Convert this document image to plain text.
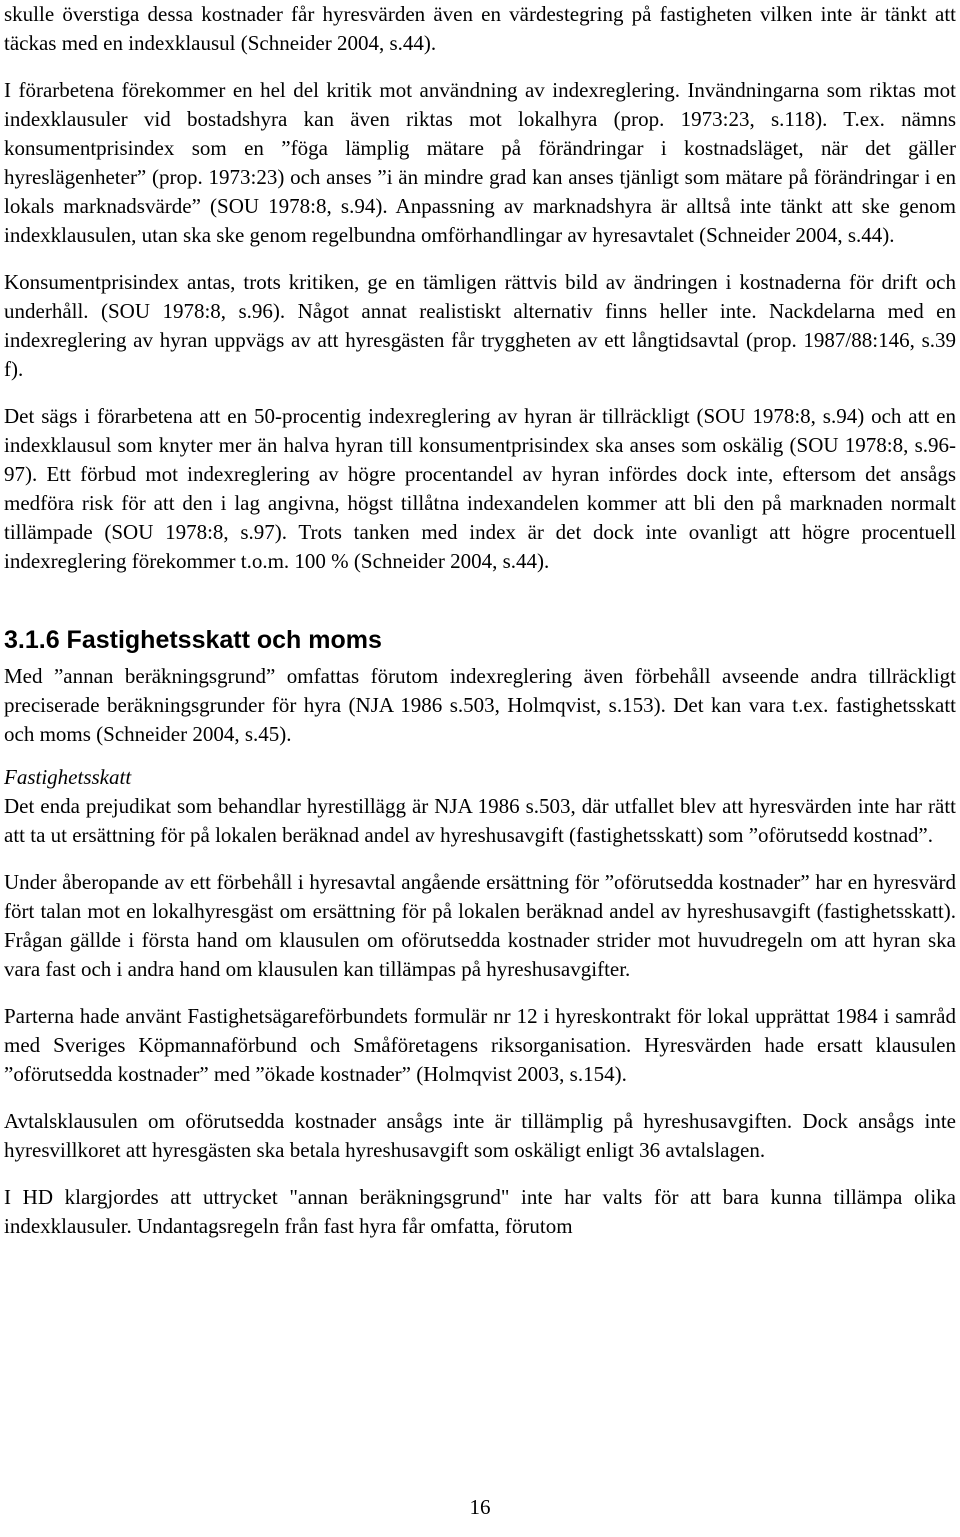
skulle överstiga dessa kostnader får hyresvärden även en värdestegring på fastigheten vilken inte är tänkt att täckas med en indexklausul (Schneider 2004, s.44).

I förarbetena förekommer en hel del kritik mot användning av indexreglering. Invändningarna som riktas mot indexklausuler vid bostadshyra kan även riktas mot lokalhyra (prop. 1973:23, s.118). T.ex. nämns konsumentprisindex som en ”föga lämplig mätare på förändringar i kostnadsläget, när det gäller hyreslägenheter” (prop. 1973:23) och anses ”i än mindre grad kan anses tjänligt som mätare på förändringar i en lokals marknadsvärde” (SOU 1978:8, s.94). Anpassning av marknadshyra är alltså inte tänkt att ske genom indexklausulen, utan ska ske genom regelbundna omförhandlingar av hyresavtalet (Schneider 2004, s.44).

Konsumentprisindex antas, trots kritiken, ge en tämligen rättvis bild av ändringen i kostnaderna för drift och underhåll. (SOU 1978:8, s.96). Något annat realistiskt alternativ finns heller inte. Nackdelarna med en indexreglering av hyran uppvägs av att hyresgästen får tryggheten av ett långtidsavtal (prop. 1987/88:146, s.39 f).

Det sägs i förarbetena att en 50-procentig indexreglering av hyran är tillräckligt (SOU 1978:8, s.94) och att en indexklausul som knyter mer än halva hyran till konsumentprisindex ska anses som oskälig (SOU 1978:8, s.96-97). Ett förbud mot indexreglering av högre procentandel av hyran infördes dock inte, eftersom det ansågs medföra risk för att den i lag angivna, högst tillåtna indexandelen kommer att bli den på marknaden normalt tillämpade (SOU 1978:8, s.97). Trots tanken med index är det dock inte ovanligt att högre procentuell indexreglering förekommer t.o.m. 100 % (Schneider 2004, s.44).

3.1.6 Fastighetsskatt och moms

Med ”annan beräkningsgrund” omfattas förutom indexreglering även förbehåll avseende andra tillräckligt preciserade beräkningsgrunder för hyra (NJA 1986 s.503, Holmqvist, s.153). Det kan vara t.ex. fastighetsskatt och moms (Schneider 2004, s.45).

Fastighetsskatt

Det enda prejudikat som behandlar hyrestillägg är NJA 1986 s.503, där utfallet blev att hyresvärden inte har rätt att ta ut ersättning för på lokalen beräknad andel av hyreshusavgift (fastighetsskatt) som ”oförutsedd kostnad”.

Under åberopande av ett förbehåll i hyresavtal angående ersättning för ”oförutsedda kostnader” har en hyresvärd fört talan mot en lokalhyresgäst om ersättning för på lokalen beräknad andel av hyreshusavgift (fastighetsskatt). Frågan gällde i första hand om klausulen om oförutsedda kostnader strider mot huvudregeln om att hyran ska vara fast och i andra hand om klausulen kan tillämpas på hyreshusavgifter.

Parterna hade använt Fastighetsägareförbundets formulär nr 12 i hyreskontrakt för lokal upprättat 1984 i samråd med Sveriges Köpmannaförbund och Småföretagens riksorganisation. Hyresvärden hade ersatt klausulen ”oförutsedda kostnader” med ”ökade kostnader” (Holmqvist 2003, s.154).

Avtalsklausulen om oförutsedda kostnader ansågs inte är tillämplig på hyreshusavgiften. Dock ansågs inte hyresvillkoret att hyresgästen ska betala hyreshusavgift som oskäligt enligt 36 avtalslagen.

I HD klargjordes att uttrycket "annan beräkningsgrund" inte har valts för att bara kunna tillämpa olika indexklausuler. Undantagsregeln från fast hyra får omfatta, förutom

16
